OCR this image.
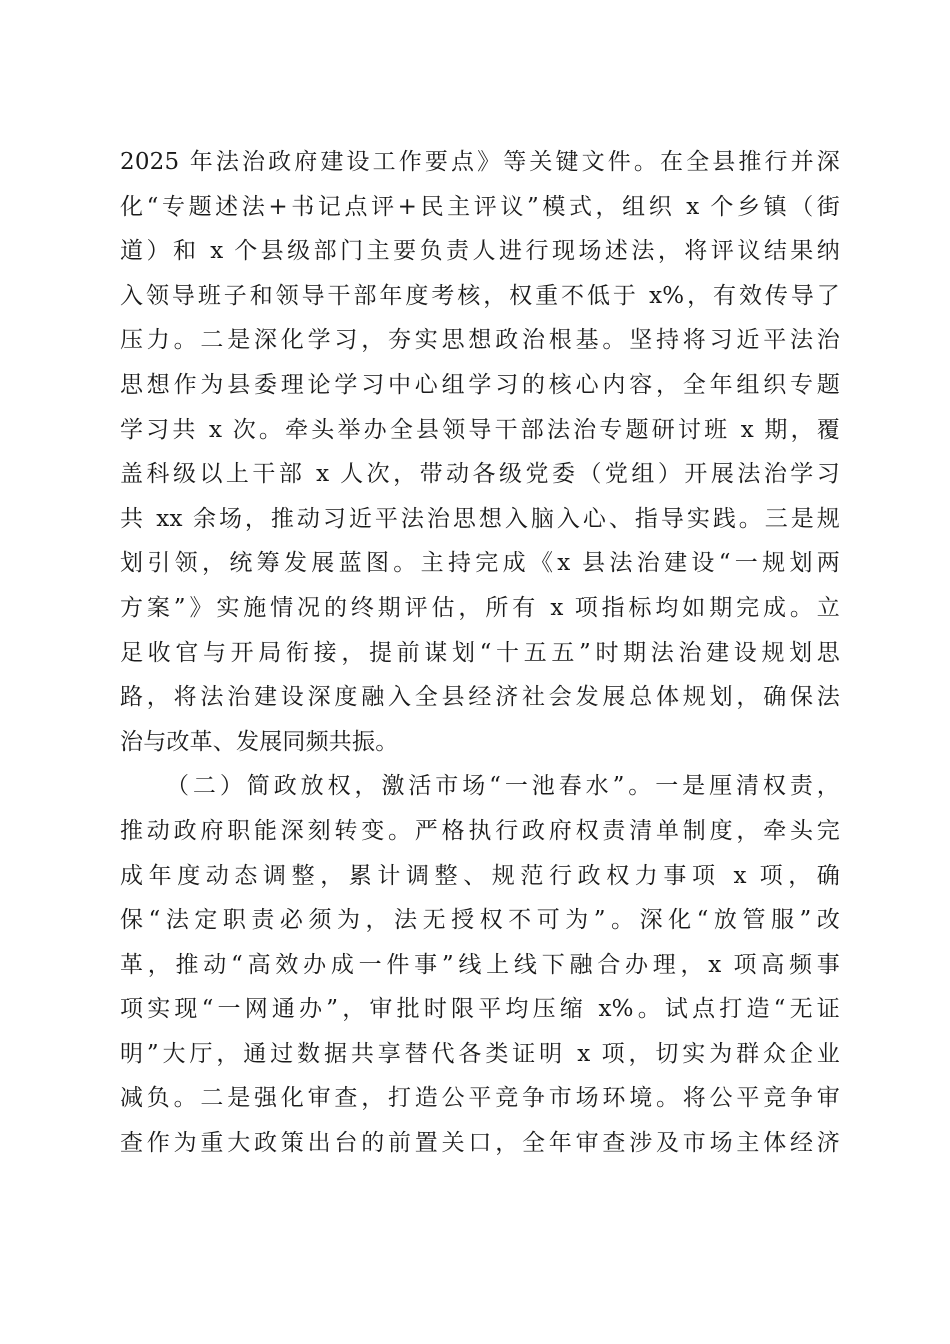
2025 年法治政府建设工作要点》等关键文件。在全县推行并深
化“专题述法+书记点评+民主评议”模式，组织 x 个乡镇（街
道）和 x 个县级部门主要负责人进行现场述法，将评议结果纳
入领导班子和领导干部年度考核，权重不低于 x%，有效传导了
压力。二是深化学习，夯实思想政治根基。坚持将习近平法治
思想作为县委理论学习中心组学习的核心内容，全年组织专题
学习共 x 次。牵头举办全县领导干部法治专题研讨班 x 期，覆
盖科级以上干部 x 人次，带动各级党委（党组）开展法治学习
共 xx 余场，推动习近平法治思想入脑入心、指导实践。三是规
划引领，统筹发展蓝图。主持完成《x 县法治建设“一规划两
方案”》实施情况的终期评估，所有 x 项指标均如期完成。立
足收官与开局衔接，提前谋划“十五五”时期法治建设规划思
路，将法治建设深度融入全县经济社会发展总体规划，确保法
治与改革、发展同频共振。
（二）简政放权，激活市场“一池春水”。一是厘清权责，
推动政府职能深刻转变。严格执行政府权责清单制度，牵头完
成年度动态调整，累计调整、规范行政权力事项 x 项，确
保“法定职责必须为，法无授权不可为”。深化“放管服”改
革，推动“高效办成一件事”线上线下融合办理，x 项高频事
项实现“一网通办”，审批时限平均压缩 x%。试点打造“无证
明”大厅，通过数据共享替代各类证明 x 项，切实为群众企业
减负。二是强化审查，打造公平竞争市场环境。将公平竞争审
查作为重大政策出台的前置关口，全年审查涉及市场主体经济
